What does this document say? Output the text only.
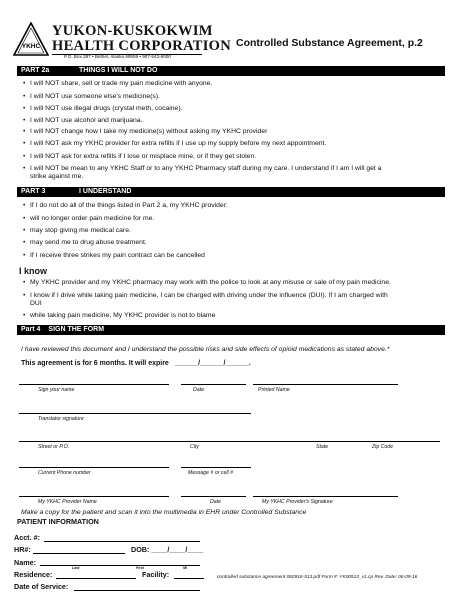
YKHC
YUKON-KUSKOKWIM
HEALTH CORPORATION
P.O. Box 287 • Bethel, Alaska 99559 • 907-543-6000
Controlled Substance Agreement, p.2
PART 2a	THINGS I WILL NOT DO
• I will NOT share, sell or trade my pain medicine with anyone.
• I will NOT use someone else's medicine(s).
• I will NOT use illegal drugs (crystal meth, cocaine).
• I will NOT use alcohol and marijuana.
• I will NOT change how I take my medicine(s) without asking my YKHC provider
• I will NOT ask my YKHC provider for extra refills if I use up my supply before my next appointment.
• I will NOT ask for extra refills if I lose or misplace mine, or if they get stolen.
• I will NOT be mean to any YKHC Staff or to any YKHC Pharmacy staff during my care. I understand if I am I will get a
strike against me.
PART 3	I UNDERSTAND
• If I do not do all of the things listed in Part 2 a, my YKHC provider:
• will no longer order pain medicine for me.
• may stop giving me medical care.
• may send me to drug abuse treatment.
• If I receive three strikes my pain contract can be cancelled
I know
• My YKHC provider and my YKHC pharmacy may work with the police to look at any misuse or sale of my pain medicine.
• I know if I drive while taking pain medicine, I can be charged with driving under the influence (DUI). If I am charged with
DUI
• while taking pain medicine, My YKHC provider is not to blame
Part 4 SIGN THE FORM
I have reviewed this document and I understand the possible risks and side effects of opioid medications as stated above.*
This agreement is for 6 months. It will expire ______/______/______.
Sign your name	Date	Printed Name
Translator signature
Street or P.O.	City	State	Zip Code
Current Phone number	Message # or cell #
My YKHC Provider Name	Date	My YKHC Provider's Signature
Make a copy for the patient and scan it into the multimedia in EHR under Controlled Substance
PATIENT INFORMATION
Acct. #:
HR#:	DOB: ____/____/____
Name:
Last	First	MI
Residence:	Facility:
Date of Service:
controlled substance agreement 060916-513.pdf Form #: YK00513_v1.cp Rev. Date: 06-09-16
